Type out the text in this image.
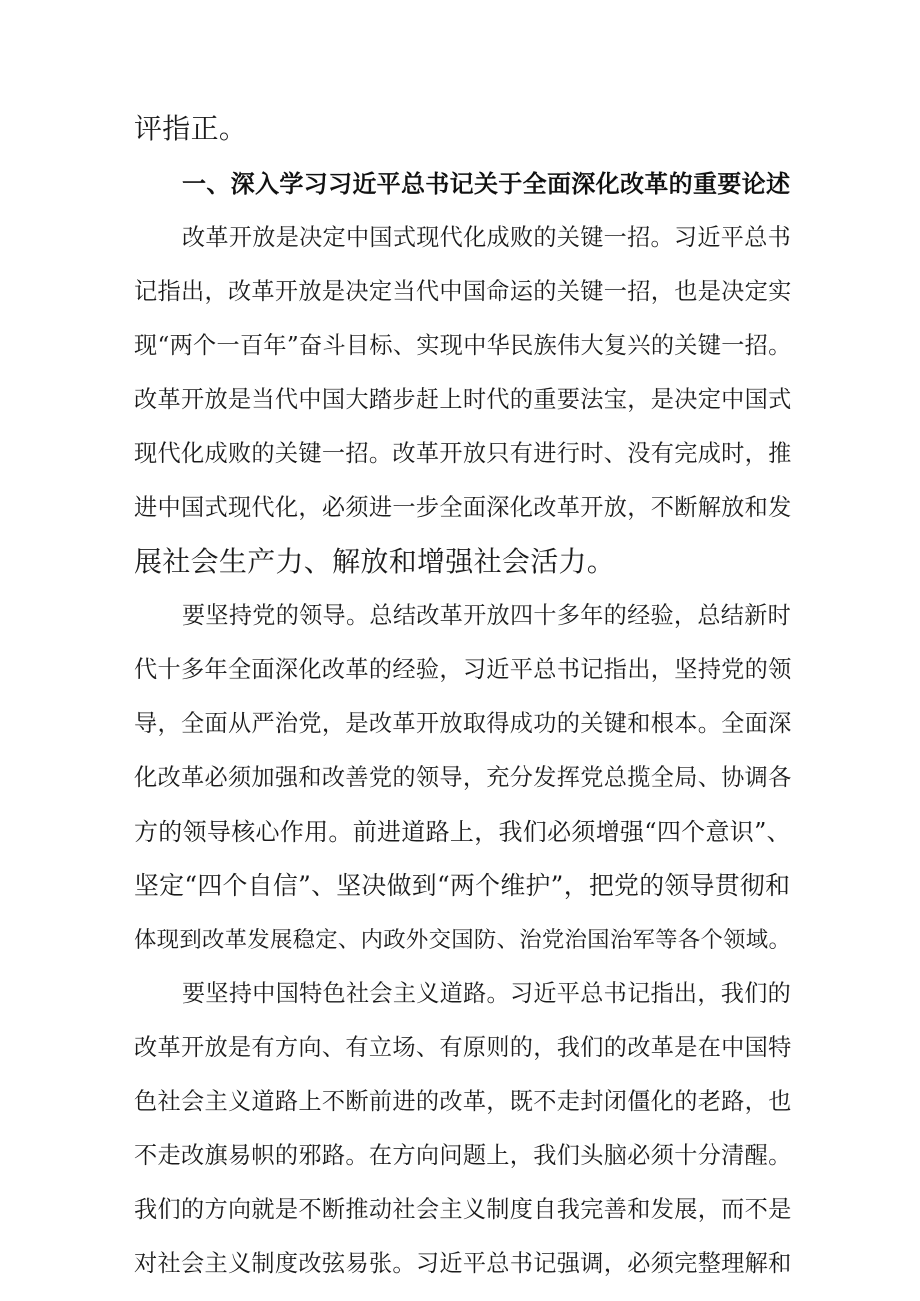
评指正。
一、深入学习习近平总书记关于全面深化改革的重要论述
改革开放是决定中国式现代化成败的关键一招。习近平总书
记指出，改革开放是决定当代中国命运的关键一招，也是决定实
现“两个一百年”奋斗目标、实现中华民族伟大复兴的关键一招。
改革开放是当代中国大踏步赶上时代的重要法宝，是决定中国式
现代化成败的关键一招。改革开放只有进行时、没有完成时，推
进中国式现代化，必须进一步全面深化改革开放，不断解放和发
展社会生产力、解放和增强社会活力。
要坚持党的领导。总结改革开放四十多年的经验，总结新时
代十多年全面深化改革的经验，习近平总书记指出，坚持党的领
导，全面从严治党，是改革开放取得成功的关键和根本。全面深
化改革必须加强和改善党的领导，充分发挥党总揽全局、协调各
方的领导核心作用。前进道路上，我们必须增强“四个意识”、
坚定“四个自信”、坚决做到“两个维护”，把党的领导贯彻和
体现到改革发展稳定、内政外交国防、治党治国治军等各个领域。
要坚持中国特色社会主义道路。习近平总书记指出，我们的
改革开放是有方向、有立场、有原则的，我们的改革是在中国特
色社会主义道路上不断前进的改革，既不走封闭僵化的老路，也
不走改旗易帜的邪路。在方向问题上，我们头脑必须十分清醒。
我们的方向就是不断推动社会主义制度自我完善和发展，而不是
对社会主义制度改弦易张。习近平总书记强调，必须完整理解和
